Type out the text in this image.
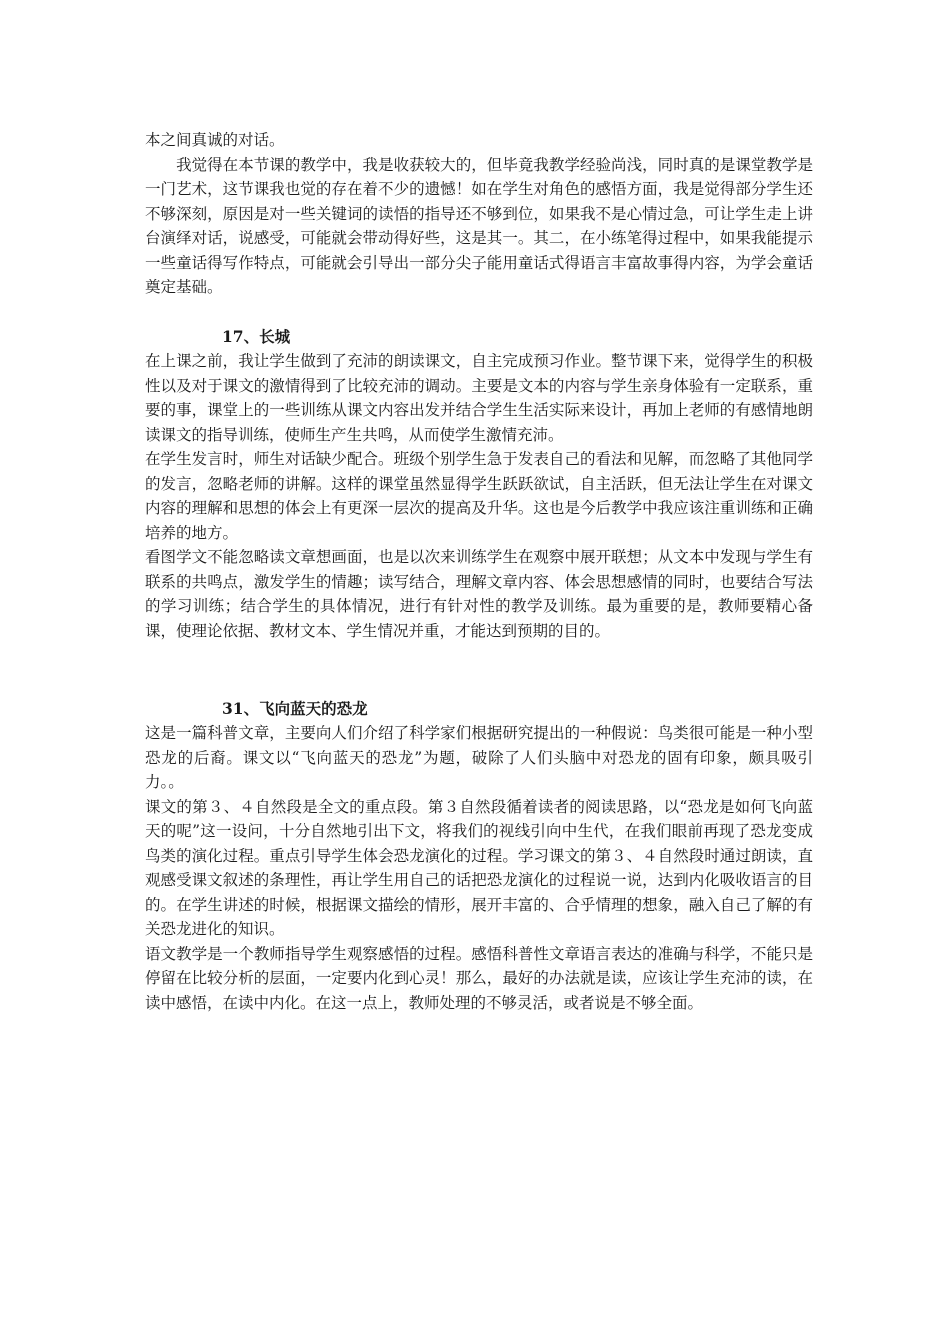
本之间真诚的对话。

　　我觉得在本节课的教学中，我是收获较大的，但毕竟我教学经验尚浅，同时真的是课堂教学是一门艺术，这节课我也觉的存在着不少的遗憾！如在学生对角色的感悟方面，我是觉得部分学生还不够深刻，原因是对一些关键词的读悟的指导还不够到位，如果我不是心情过急，可让学生走上讲台演绎对话，说感受，可能就会带动得好些，这是其一。其二，在小练笔得过程中，如果我能提示一些童话得写作特点，可能就会引导出一部分尖子能用童话式得语言丰富故事得内容，为学会童话奠定基础。

17、长城

在上课之前，我让学生做到了充沛的朗读课文，自主完成预习作业。整节课下来，觉得学生的积极性以及对于课文的激情得到了比较充沛的调动。主要是文本的内容与学生亲身体验有一定联系，重要的事，课堂上的一些训练从课文内容出发并结合学生生活实际来设计，再加上老师的有感情地朗读课文的指导训练，使师生产生共鸣，从而使学生激情充沛。

在学生发言时，师生对话缺少配合。班级个别学生急于发表自己的看法和见解，而忽略了其他同学的发言，忽略老师的讲解。这样的课堂虽然显得学生跃跃欲试，自主活跃，但无法让学生在对课文内容的理解和思想的体会上有更深一层次的提高及升华。这也是今后教学中我应该注重训练和正确培养的地方。

看图学文不能忽略读文章想画面，也是以次来训练学生在观察中展开联想；从文本中发现与学生有联系的共鸣点，激发学生的情趣；读写结合，理解文章内容、体会思想感情的同时，也要结合写法的学习训练；结合学生的具体情况，进行有针对性的教学及训练。最为重要的是，教师要精心备课，使理论依据、教材文本、学生情况并重，才能达到预期的目的。

31、飞向蓝天的恐龙

这是一篇科普文章，主要向人们介绍了科学家们根据研究提出的一种假说：鸟类很可能是一种小型恐龙的后裔。课文以“飞向蓝天的恐龙”为题，破除了人们头脑中对恐龙的固有印象，颇具吸引力。。

课文的第３、４自然段是全文的重点段。第３自然段循着读者的阅读思路，以“恐龙是如何飞向蓝天的呢”这一设问，十分自然地引出下文，将我们的视线引向中生代，在我们眼前再现了恐龙变成鸟类的演化过程。重点引导学生体会恐龙演化的过程。学习课文的第３、４自然段时通过朗读，直观感受课文叙述的条理性，再让学生用自己的话把恐龙演化的过程说一说，达到内化吸收语言的目的。在学生讲述的时候，根据课文描绘的情形，展开丰富的、合乎情理的想象，融入自己了解的有关恐龙进化的知识。

语文教学是一个教师指导学生观察感悟的过程。感悟科普性文章语言表达的准确与科学，不能只是停留在比较分析的层面，一定要内化到心灵！那么，最好的办法就是读，应该让学生充沛的读，在读中感悟，在读中内化。在这一点上，教师处理的不够灵活，或者说是不够全面。
